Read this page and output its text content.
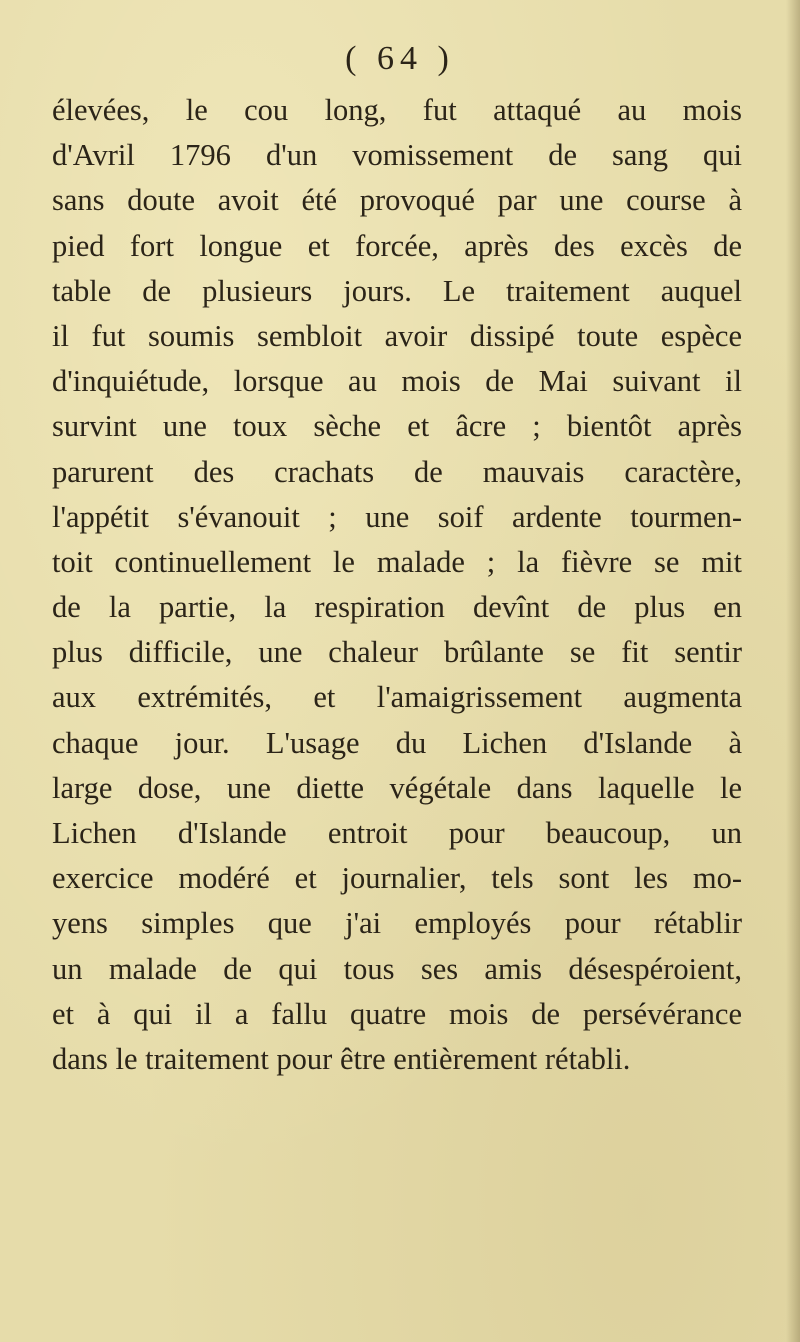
( 64 )
élevées, le cou long, fut attaqué au mois
d'Avril 1796 d'un vomissement de sang qui
sans doute avoit été provoqué par une course à
pied fort longue et forcée, après des excès de
table de plusieurs jours. Le traitement auquel
il fut soumis sembloit avoir dissipé toute espèce
d'inquiétude, lorsque au mois de Mai suivant il
survint une toux sèche et âcre ; bientôt après
parurent des crachats de mauvais caractère,
l'appétit s'évanouit ; une soif ardente tourmen-
toit continuellement le malade ; la fièvre se mit
de la partie, la respiration devînt de plus en
plus difficile, une chaleur brûlante se fit sentir
aux extrémités, et l'amaigrissement augmenta
chaque jour. L'usage du Lichen d'Islande à
large dose, une diette végétale dans laquelle le
Lichen d'Islande entroit pour beaucoup, un
exercice modéré et journalier, tels sont les mo-
yens simples que j'ai employés pour rétablir
un malade de qui tous ses amis désespéroient,
et à qui il a fallu quatre mois de persévérance
dans le traitement pour être entièrement rétabli.
